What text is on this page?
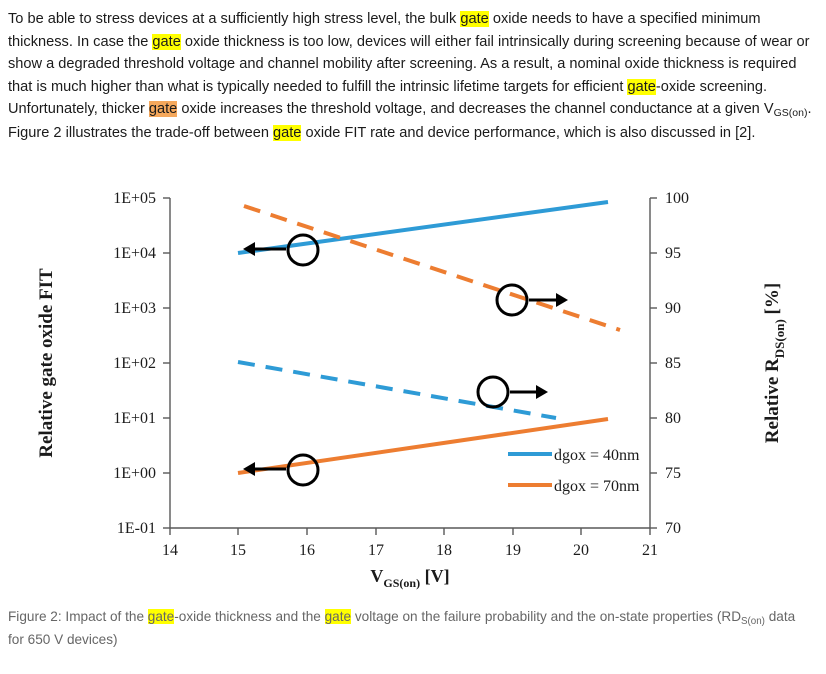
To be able to stress devices at a sufficiently high stress level, the bulk gate oxide needs to have a specified minimum thickness. In case the gate oxide thickness is too low, devices will either fail intrinsically during screening because of wear or show a degraded threshold voltage and channel mobility after screening. As a result, a nominal oxide thickness is required that is much higher than what is typically needed to fulfill the intrinsic lifetime targets for efficient gate-oxide screening. Unfortunately, thicker gate oxide increases the threshold voltage, and decreases the channel conductance at a given $V_{GS(on)}$. Figure 2 illustrates the trade-off between gate oxide FIT rate and device performance, which is also discussed in [2].
1E-01
1E+00
1E+01
1E+02
1E+03
1E+04
1E+05
70
75
80
85
90
95
100
14	15	16	17	18	19	20	21
$V_{GS(on)}$ [V]
Relative gate oxide FIT	Relative $R_{DS(on)}$ [%]
dgox = 40nm
dgox = 70nm
Figure 2: Impact of the gate-oxide thickness and the gate voltage on the failure probability and the on-state properties ($RD_{S(on)}$ data for 650 V devices)
